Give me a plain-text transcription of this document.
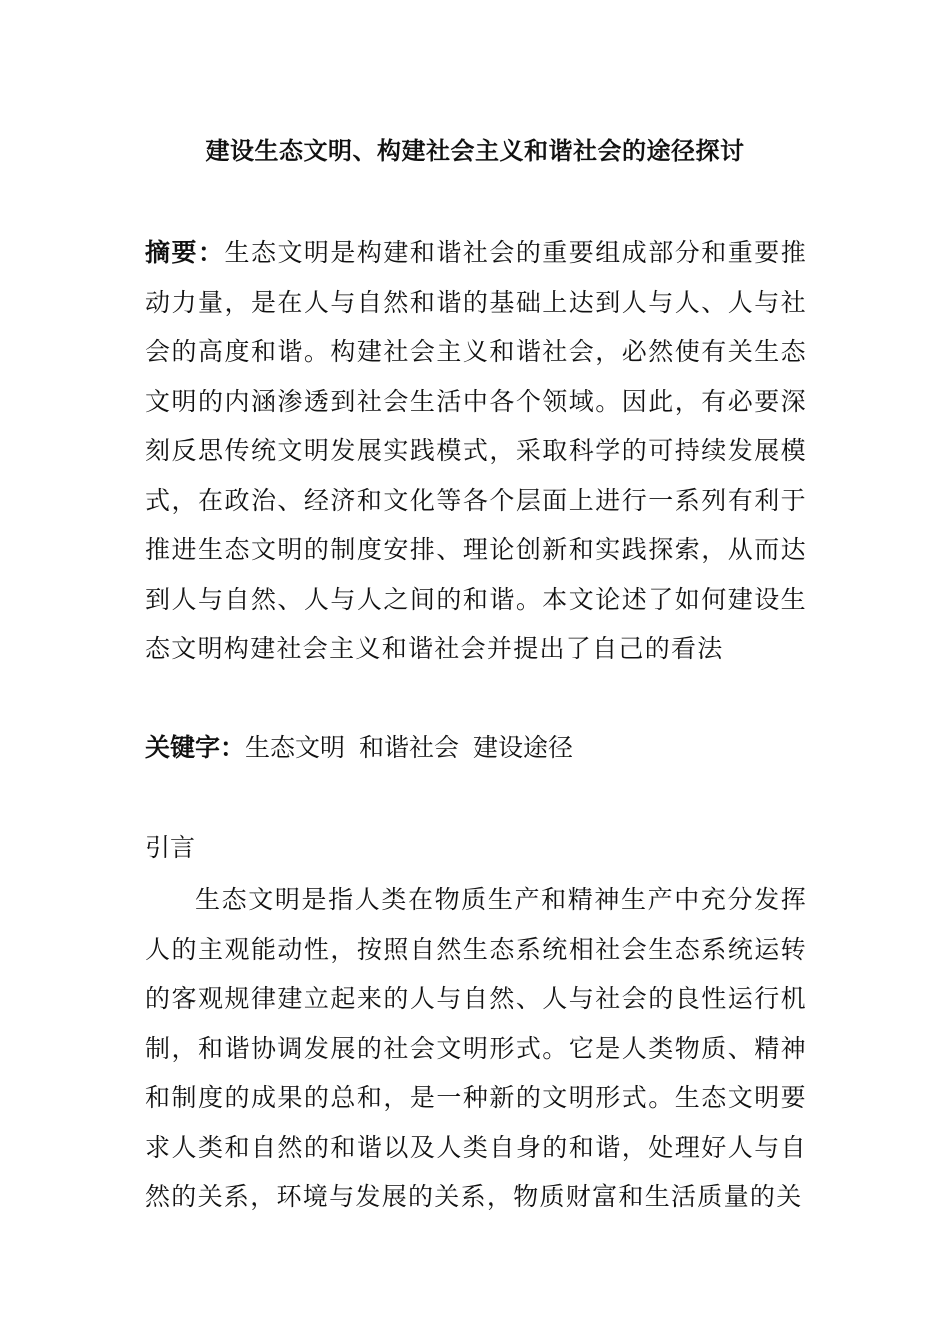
建设生态文明、构建社会主义和谐社会的途径探讨

摘要：生态文明是构建和谐社会的重要组成部分和重要推动力量，是在人与自然和谐的基础上达到人与人、人与社会的高度和谐。构建社会主义和谐社会，必然使有关生态文明的内涵渗透到社会生活中各个领域。因此，有必要深刻反思传统文明发展实践模式，采取科学的可持续发展模式，在政治、经济和文化等各个层面上进行一系列有利于推进生态文明的制度安排、理论创新和实践探索，从而达到人与自然、人与人之间的和谐。本文论述了如何建设生态文明构建社会主义和谐社会并提出了自己的看法

关键字：生态文明 和谐社会 建设途径

引言

生态文明是指人类在物质生产和精神生产中充分发挥人的主观能动性，按照自然生态系统相社会生态系统运转的客观规律建立起来的人与自然、人与社会的良性运行机制，和谐协调发展的社会文明形式。它是人类物质、精神和制度的成果的总和，是一种新的文明形式。生态文明要求人类和自然的和谐以及人类自身的和谐，处理好人与自然的关系，环境与发展的关系，物质财富和生活质量的关
